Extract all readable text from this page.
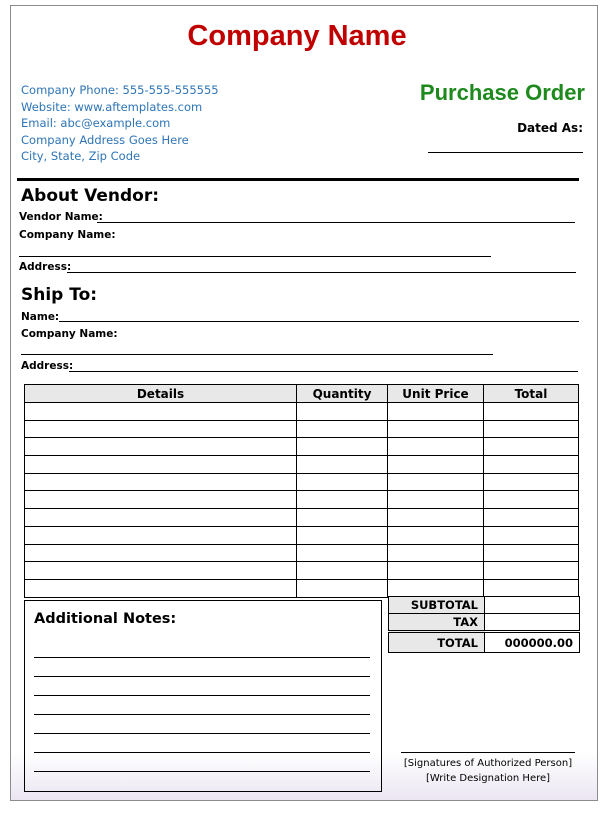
Company Name
Company Phone: 555-555-555555
Website: www.aftemplates.com
Email: abc@example.com
Company Address Goes Here
City, State, Zip Code
Purchase Order
Dated As:
About Vendor:
Vendor Name:
Company Name:
Address:
Ship To:
Name:
Company Name:
Address:
Details	Quantity	Unit Price	Total

Additional Notes:
SUBTOTAL	
TAX	
TOTAL	000000.00
[Signatures of Authorized Person]
[Write Designation Here]
